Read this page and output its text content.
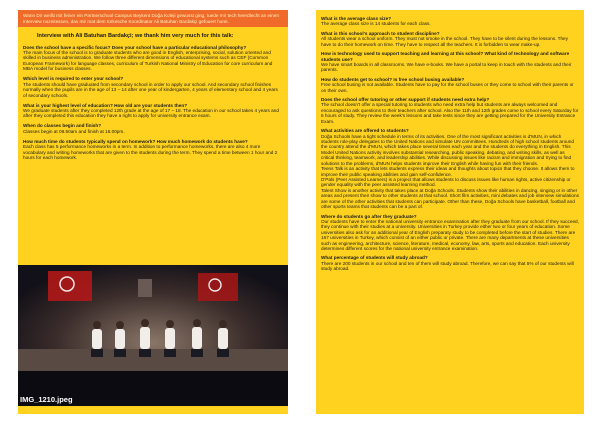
Wann Dir weißt mit feiner ein Partnerschool Campus Beykent Doğa Koleji gewusst ging, tuede mir tech heerdlecht an einen Interview nozeitessen, das mir mat dem türkesche Koordinator Ali Batuhan Bardakçi gefouert hunn.
Interview with Ali Batuhan Bardakçi; we thank him very much for this talk:
Does the school have a specific focus? Does your school have a particular educational philosophy?
The main focus of the school is to graduate students who are good in English, enterprising, social, solution oriented and skilled in business administration. We follow three different dimensions of educational systems such as CEF (Common European Framework) for language classes, curriculum of Turkish National Ministry of Education for core curriculum and MBA model for business classes.
Which level is required to enter your school?
The students should have graduated from secondary school in order to apply our school. And secondary school finishes normally when the pupils are in the age of 13 – 14 after one year of kindergarten, 4 years of elementary school and 4 years of secondary schools.
What is your highest level of education? How old are your students then?
We graduate students after they completed 12th grade at the age of 17 – 18. The education in our school takes 4 years and after they completed this education they have a right to apply for university entrance exam.
When do classes begin and finish?
Classes begin at 08.50am and finish at 16.00pm.
How much time do students typically spend on homework? How much homework do students have?
Each class has 5 performance homeworks in a term. In addition to performance homeworks, there are also 4 more vocabulary and writing homeworks that are given to the students during the term. They spend a time between 1 hour and 2 hours for each homework.
IMG_1210.jpeg
What is the average class size?
The average class size is 14 students for each class.
What is this school's approach to student discipline?
All students wear a school uniform. They must not smoke in the school. They have to be silent during the lessons. They have to do their homework on time. They have to respect all the teachers. It is forbidden to wear make-up.
How is technology used to support teaching and learning at this school? What kind of technology and software students use?
We have smart boards in all classrooms. We have e-books. We have a portal to keep in touch with the students and their parents.
How do students get to school? Is free school busing available?
Free school busing is not available. Students have to pay for the school buses or they come to school with their parents or on their own.
Does the school offer tutoring or other support if students need extra help?
The school doesn't offer a special tutoring to students who need extra help but students are always welcomed and encouraged to ask questions to their teachers after school. Also the 11th and 12th grades come to school every Saturday for 6 hours of study. They review the week's lessons and take tests since they are getting prepared for the University Entrance Exam.
What activities are offered to students?
Doğa Schools have a tight schedule in terms of its activities. One of the most significant activities is d'MUN, in which students role-play delegates to the United Nations and simulate UN committees. Hundreds of high school students around the country attend the d'MUN, which takes place several times each year and the students do everything in English. This Model United Nations activity involves substantial researching, public speaking, debating, and writing skills, as well as critical thinking, teamwork, and leadership abilities. While discussing issues like racism and immigration and trying to find solutions to the problems, d'MUN helps students improve their English while having fun with their friends.
Teens Talk is an activity that lets students express their ideas and thoughts about topics that they choose. It allows them to improve their public speaking abilities and gain self-confidence.
D'Pals (Peer Assisted Learners) is a project that allows students to discuss issues like human rights, active citizenship or gender equality with the peer assisted learning method.
Talent Show is another activity that takes place at Doğa Schools. Students show their abilities in dancing, singing or in other areas and present their show to other students at that school. Short film activities, mini debates and job interview simulations are some of the other activities that students can participate. Other than these, Doğa Schools have basketball, football and other sports teams that students can be a part of.
Where do students go after they graduate?
Our students have to enter the national university entrance examination after they graduate from our school. If they succeed, they continue with their studies at a university. Universities in Turkey provide either two or four years of education. Some universities also ask for an additional year of English preparaty study to be completed before the start of studies. There are 167 universities in Turkey, which consist of an either public or private. There are many departments at these universities such as engineering, architecture, science, literature, medical, economy, law, arts, sports and education. Each university determines different scores for the national university entrance examination.
What percentage of students will study abroad?
There are 200 students in our school and ten of them will study abroad. Therefore, we can say that 5% of our students will study abroad.
